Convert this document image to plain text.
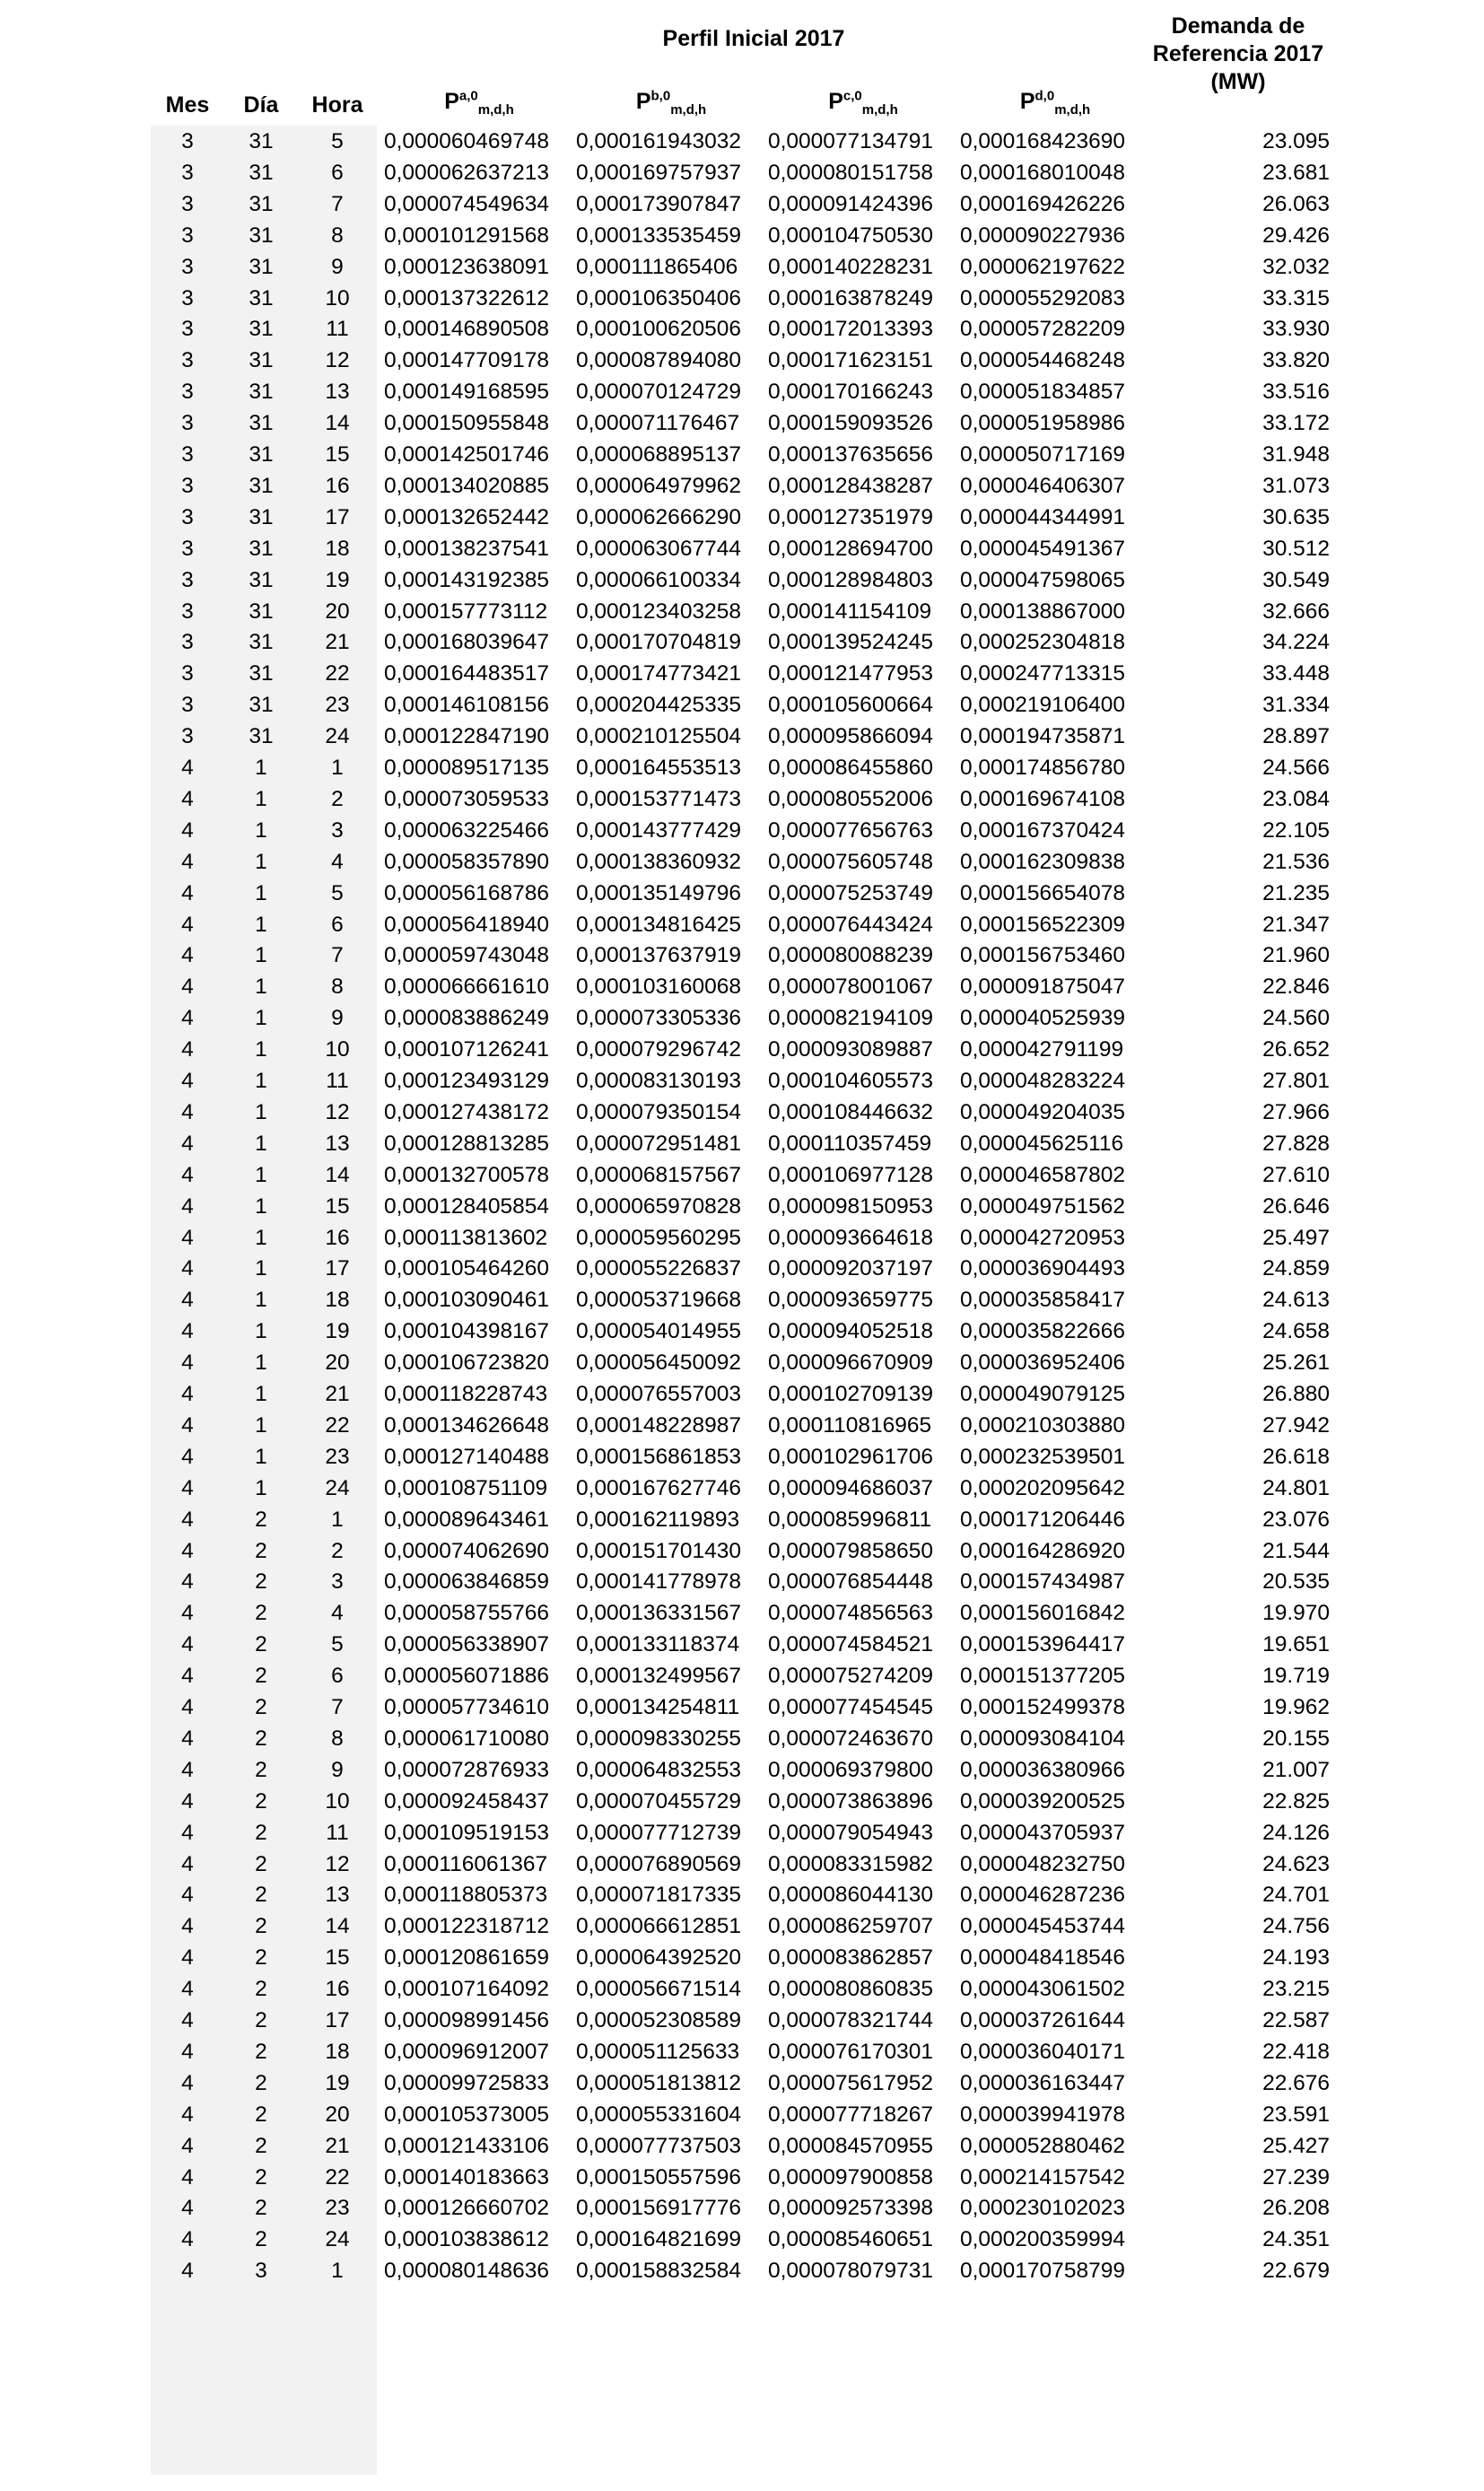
Perfil Inicial 2017	Demanda de
Referencia 2017
(MW)
Mes	Día	Hora	P$^{a,0}_{m,d,h}$	P$^{b,0}_{m,d,h}$	P$^{c,0}_{m,d,h}$	P$^{d,0}_{m,d,h}$
3	31	5	0,000060469748	0,000161943032	0,000077134791	0,000168423690	23.095
3	31	6	0,000062637213	0,000169757937	0,000080151758	0,000168010048	23.681
3	31	7	0,000074549634	0,000173907847	0,000091424396	0,000169426226	26.063
3	31	8	0,000101291568	0,000133535459	0,000104750530	0,000090227936	29.426
3	31	9	0,000123638091	0,000111865406	0,000140228231	0,000062197622	32.032
3	31	10	0,000137322612	0,000106350406	0,000163878249	0,000055292083	33.315
3	31	11	0,000146890508	0,000100620506	0,000172013393	0,000057282209	33.930
3	31	12	0,000147709178	0,000087894080	0,000171623151	0,000054468248	33.820
3	31	13	0,000149168595	0,000070124729	0,000170166243	0,000051834857	33.516
3	31	14	0,000150955848	0,000071176467	0,000159093526	0,000051958986	33.172
3	31	15	0,000142501746	0,000068895137	0,000137635656	0,000050717169	31.948
3	31	16	0,000134020885	0,000064979962	0,000128438287	0,000046406307	31.073
3	31	17	0,000132652442	0,000062666290	0,000127351979	0,000044344991	30.635
3	31	18	0,000138237541	0,000063067744	0,000128694700	0,000045491367	30.512
3	31	19	0,000143192385	0,000066100334	0,000128984803	0,000047598065	30.549
3	31	20	0,000157773112	0,000123403258	0,000141154109	0,000138867000	32.666
3	31	21	0,000168039647	0,000170704819	0,000139524245	0,000252304818	34.224
3	31	22	0,000164483517	0,000174773421	0,000121477953	0,000247713315	33.448
3	31	23	0,000146108156	0,000204425335	0,000105600664	0,000219106400	31.334
3	31	24	0,000122847190	0,000210125504	0,000095866094	0,000194735871	28.897
4	1	1	0,000089517135	0,000164553513	0,000086455860	0,000174856780	24.566
4	1	2	0,000073059533	0,000153771473	0,000080552006	0,000169674108	23.084
4	1	3	0,000063225466	0,000143777429	0,000077656763	0,000167370424	22.105
4	1	4	0,000058357890	0,000138360932	0,000075605748	0,000162309838	21.536
4	1	5	0,000056168786	0,000135149796	0,000075253749	0,000156654078	21.235
4	1	6	0,000056418940	0,000134816425	0,000076443424	0,000156522309	21.347
4	1	7	0,000059743048	0,000137637919	0,000080088239	0,000156753460	21.960
4	1	8	0,000066661610	0,000103160068	0,000078001067	0,000091875047	22.846
4	1	9	0,000083886249	0,000073305336	0,000082194109	0,000040525939	24.560
4	1	10	0,000107126241	0,000079296742	0,000093089887	0,000042791199	26.652
4	1	11	0,000123493129	0,000083130193	0,000104605573	0,000048283224	27.801
4	1	12	0,000127438172	0,000079350154	0,000108446632	0,000049204035	27.966
4	1	13	0,000128813285	0,000072951481	0,000110357459	0,000045625116	27.828
4	1	14	0,000132700578	0,000068157567	0,000106977128	0,000046587802	27.610
4	1	15	0,000128405854	0,000065970828	0,000098150953	0,000049751562	26.646
4	1	16	0,000113813602	0,000059560295	0,000093664618	0,000042720953	25.497
4	1	17	0,000105464260	0,000055226837	0,000092037197	0,000036904493	24.859
4	1	18	0,000103090461	0,000053719668	0,000093659775	0,000035858417	24.613
4	1	19	0,000104398167	0,000054014955	0,000094052518	0,000035822666	24.658
4	1	20	0,000106723820	0,000056450092	0,000096670909	0,000036952406	25.261
4	1	21	0,000118228743	0,000076557003	0,000102709139	0,000049079125	26.880
4	1	22	0,000134626648	0,000148228987	0,000110816965	0,000210303880	27.942
4	1	23	0,000127140488	0,000156861853	0,000102961706	0,000232539501	26.618
4	1	24	0,000108751109	0,000167627746	0,000094686037	0,000202095642	24.801
4	2	1	0,000089643461	0,000162119893	0,000085996811	0,000171206446	23.076
4	2	2	0,000074062690	0,000151701430	0,000079858650	0,000164286920	21.544
4	2	3	0,000063846859	0,000141778978	0,000076854448	0,000157434987	20.535
4	2	4	0,000058755766	0,000136331567	0,000074856563	0,000156016842	19.970
4	2	5	0,000056338907	0,000133118374	0,000074584521	0,000153964417	19.651
4	2	6	0,000056071886	0,000132499567	0,000075274209	0,000151377205	19.719
4	2	7	0,000057734610	0,000134254811	0,000077454545	0,000152499378	19.962
4	2	8	0,000061710080	0,000098330255	0,000072463670	0,000093084104	20.155
4	2	9	0,000072876933	0,000064832553	0,000069379800	0,000036380966	21.007
4	2	10	0,000092458437	0,000070455729	0,000073863896	0,000039200525	22.825
4	2	11	0,000109519153	0,000077712739	0,000079054943	0,000043705937	24.126
4	2	12	0,000116061367	0,000076890569	0,000083315982	0,000048232750	24.623
4	2	13	0,000118805373	0,000071817335	0,000086044130	0,000046287236	24.701
4	2	14	0,000122318712	0,000066612851	0,000086259707	0,000045453744	24.756
4	2	15	0,000120861659	0,000064392520	0,000083862857	0,000048418546	24.193
4	2	16	0,000107164092	0,000056671514	0,000080860835	0,000043061502	23.215
4	2	17	0,000098991456	0,000052308589	0,000078321744	0,000037261644	22.587
4	2	18	0,000096912007	0,000051125633	0,000076170301	0,000036040171	22.418
4	2	19	0,000099725833	0,000051813812	0,000075617952	0,000036163447	22.676
4	2	20	0,000105373005	0,000055331604	0,000077718267	0,000039941978	23.591
4	2	21	0,000121433106	0,000077737503	0,000084570955	0,000052880462	25.427
4	2	22	0,000140183663	0,000150557596	0,000097900858	0,000214157542	27.239
4	2	23	0,000126660702	0,000156917776	0,000092573398	0,000230102023	26.208
4	2	24	0,000103838612	0,000164821699	0,000085460651	0,000200359994	24.351
4	3	1	0,000080148636	0,000158832584	0,000078079731	0,000170758799	22.679
